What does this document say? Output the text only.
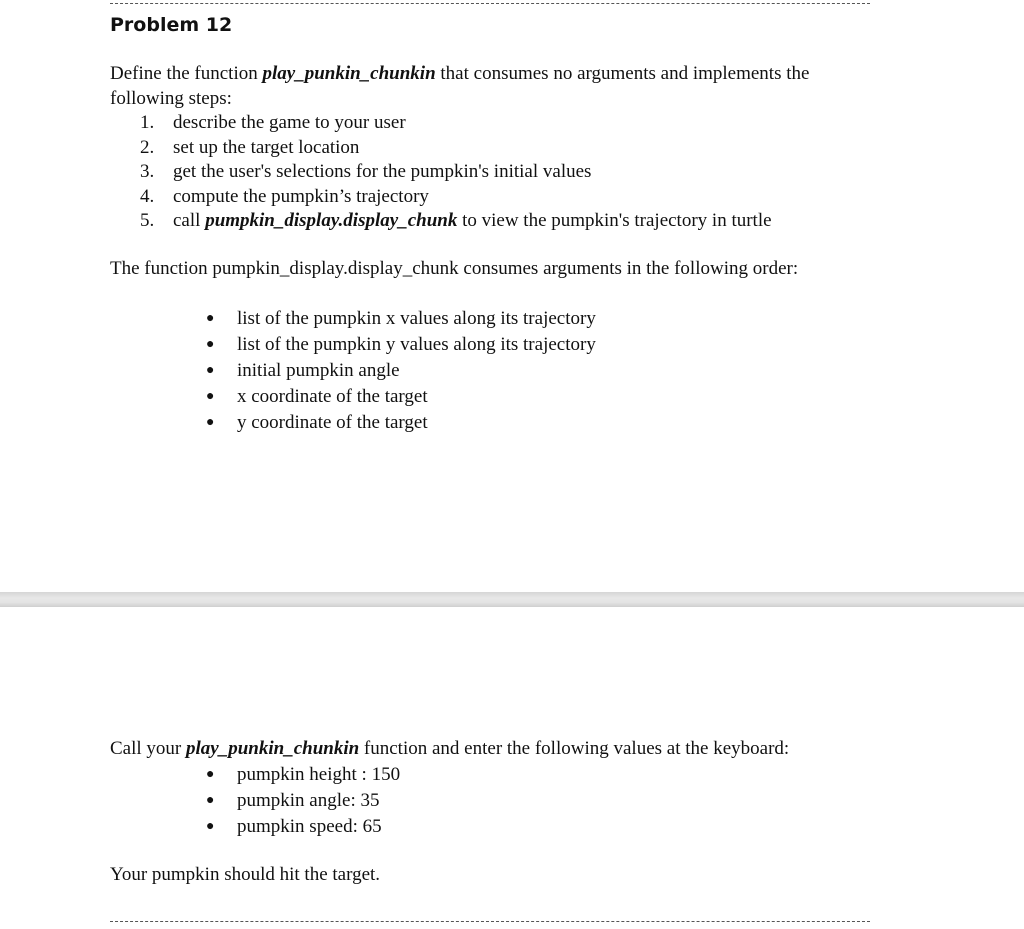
Problem 12

Define the function play_punkin_chunkin that consumes no arguments and implements the following steps:

1. describe the game to your user
2. set up the target location
3. get the user's selections for the pumpkin's initial values
4. compute the pumpkin’s trajectory
5. call pumpkin_display.display_chunk to view the pumpkin's trajectory in turtle

The function pumpkin_display.display_chunk consumes arguments in the following order:

●	list of the pumpkin x values along its trajectory
●	list of the pumpkin y values along its trajectory
●	initial pumpkin angle
●	x coordinate of the target
●	y coordinate of the target

Call your play_punkin_chunkin function and enter the following values at the keyboard:

●	pumpkin height : 150
●	pumpkin angle: 35
●	pumpkin speed: 65

Your pumpkin should hit the target.
